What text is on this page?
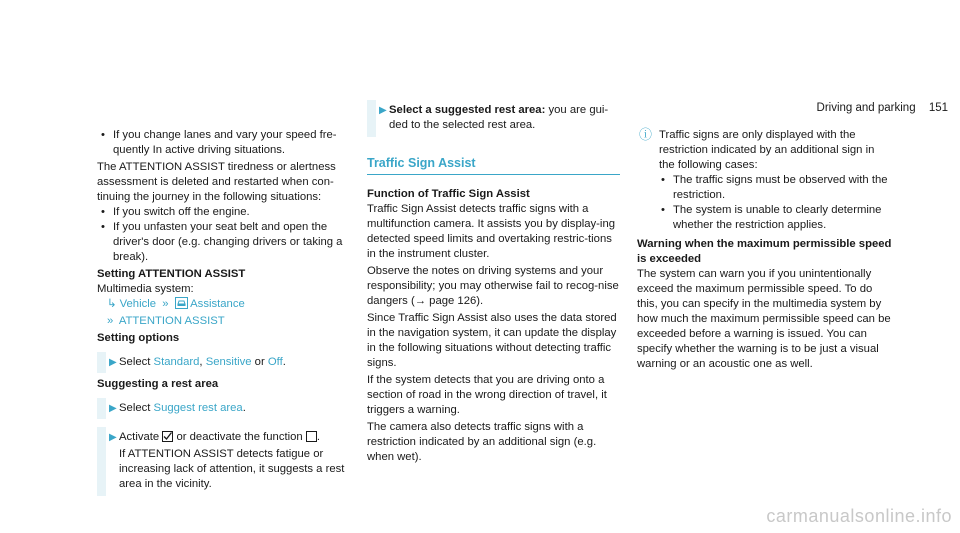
Driving and parking 151
• If you change lanes and vary your speed fre-quently In active driving situations.
The ATTENTION ASSIST tiredness or alertness assessment is deleted and restarted when con-tinuing the journey in the following situations:
• If you switch off the engine.
• If you unfasten your seat belt and open the driver's door (e.g. changing drivers or taking a break).
Setting ATTENTION ASSIST
Multimedia system:
↳ Vehicle » Assistance
» ATTENTION ASSIST
Setting options
▶ Select Standard, Sensitive or Off.
Suggesting a rest area
▶ Select Suggest rest area.
▶ Activate or deactivate the function .
If ATTENTION ASSIST detects fatigue or increasing lack of attention, it suggests a rest area in the vicinity.
▶ Select a suggested rest area: you are gui-ded to the selected rest area.
Traffic Sign Assist
Function of Traffic Sign Assist
Traffic Sign Assist detects traffic signs with a multifunction camera. It assists you by display-ing detected speed limits and overtaking restric-tions in the instrument cluster.
Observe the notes on driving systems and your responsibility; you may otherwise fail to recog-nise dangers (→ page 126).
Since Traffic Sign Assist also uses the data stored in the navigation system, it can update the display in the following situations without detecting traffic signs.
If the system detects that you are driving onto a section of road in the wrong direction of travel, it triggers a warning.
The camera also detects traffic signs with a restriction indicated by an additional sign (e.g. when wet).
ⓘ Traffic signs are only displayed with the restriction indicated by an additional sign in the following cases:
• The traffic signs must be observed with the restriction.
• The system is unable to clearly determine whether the restriction applies.
Warning when the maximum permissible speed is exceeded
The system can warn you if you unintentionally exceed the maximum permissible speed. To do this, you can specify in the multimedia system by how much the maximum permissible speed can be exceeded before a warning is issued. You can specify whether the warning is to be just a visual warning or an acoustic one as well.
carmanualsonline.info
